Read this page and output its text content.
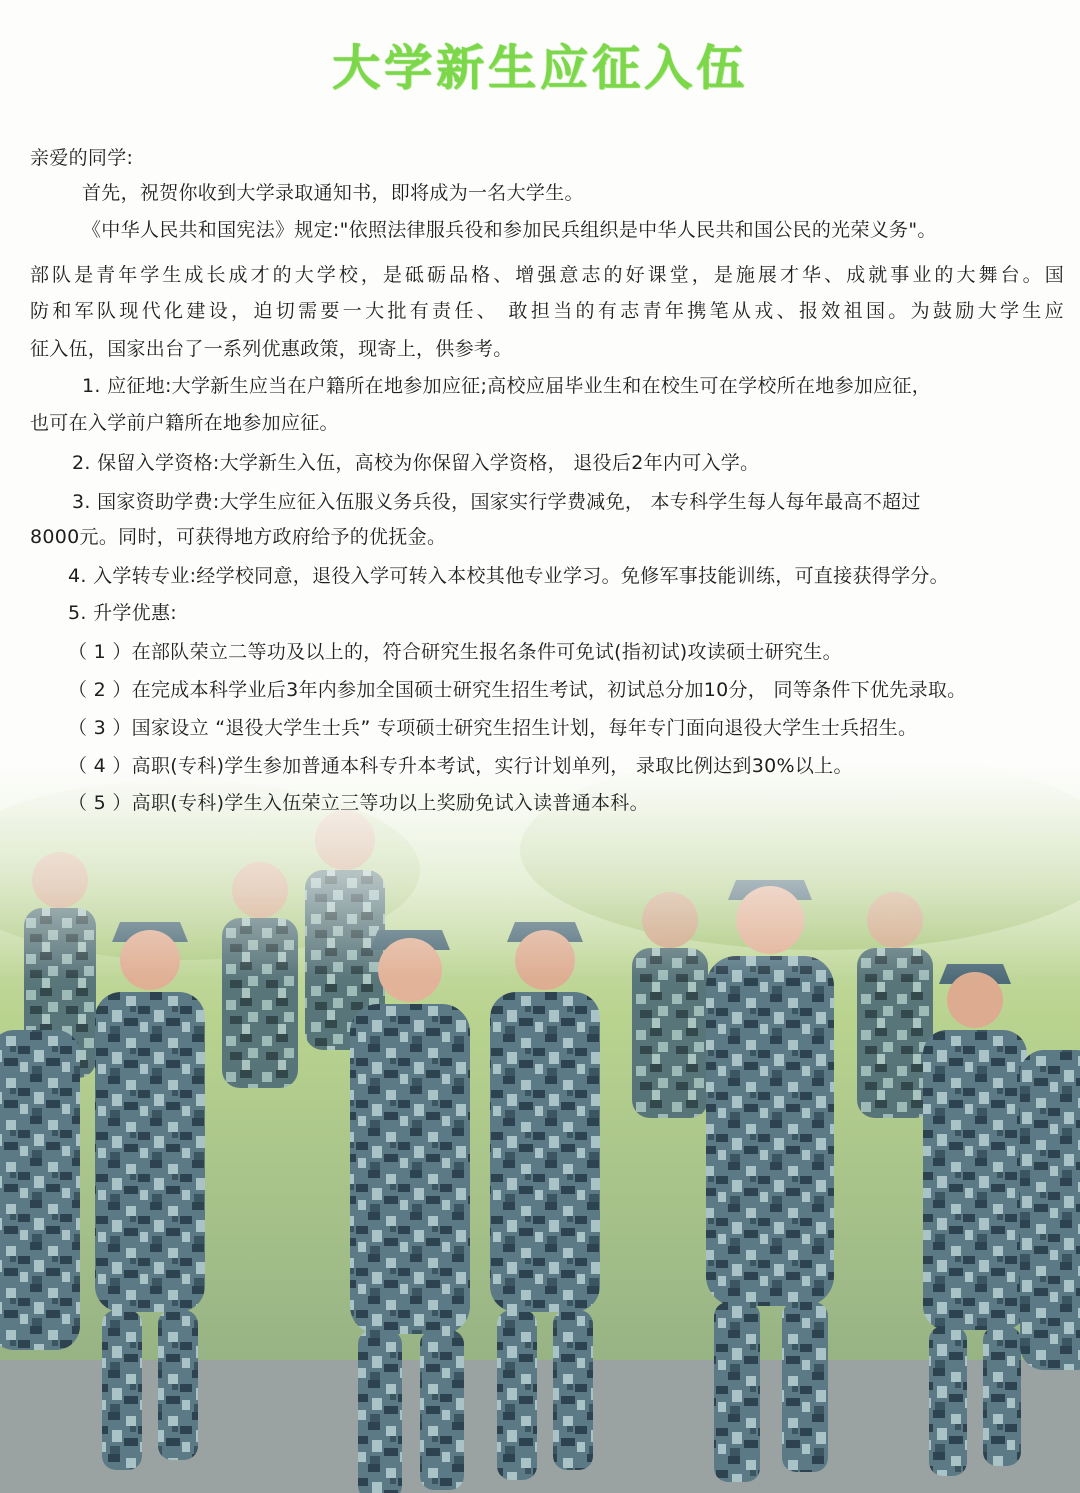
大学新生应征入伍
亲爱的同学:
首先，祝贺你收到大学录取通知书，即将成为一名大学生。
《中华人民共和国宪法》规定:"依照法律服兵役和参加民兵组织是中华人民共和国公民的光荣义务"。
部队是青年学生成长成才的大学校，是砥砺品格、增强意志的好课堂，是施展才华、成就事业的大舞台。国
防和军队现代化建设，迫切需要一大批有责任、 敢担当的有志青年携笔从戎、报效祖国。为鼓励大学生应
征入伍，国家出台了一系列优惠政策，现寄上，供参考。
1. 应征地:大学新生应当在户籍所在地参加应征;高校应届毕业生和在校生可在学校所在地参加应征，
也可在入学前户籍所在地参加应征。
2. 保留入学资格:大学新生入伍，高校为你保留入学资格， 退役后2年内可入学。
3. 国家资助学费:大学生应征入伍服义务兵役，国家实行学费减免， 本专科学生每人每年最高不超过
8000元。同时，可获得地方政府给予的优抚金。
4. 入学转专业:经学校同意，退役入学可转入本校其他专业学习。免修军事技能训练，可直接获得学分。
5. 升学优惠:
（ 1 ）在部队荣立二等功及以上的，符合研究生报名条件可免试(指初试)攻读硕士研究生。
（ 2 ）在完成本科学业后3年内参加全国硕士研究生招生考试，初试总分加10分， 同等条件下优先录取。
（ 3 ）国家设立 “退役大学生士兵” 专项硕士研究生招生计划，每年专门面向退役大学生士兵招生。
（ 4 ）高职(专科)学生参加普通本科专升本考试，实行计划单列， 录取比例达到30%以上。
（ 5 ）高职(专科)学生入伍荣立三等功以上奖励免试入读普通本科。
